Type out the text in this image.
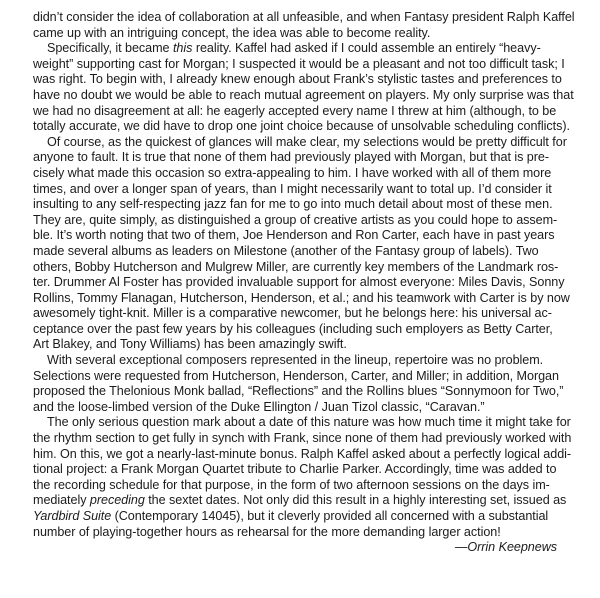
didn’t consider the idea of collaboration at all unfeasible, and when Fantasy president Ralph Kaffel
came up with an intriguing concept, the idea was able to become reality.

Specifically, it became this reality. Kaffel had asked if I could assemble an entirely “heavy-
weight” supporting cast for Morgan; I suspected it would be a pleasant and not too difficult task; I
was right. To begin with, I already knew enough about Frank’s stylistic tastes and preferences to
have no doubt we would be able to reach mutual agreement on players. My only surprise was that
we had no disagreement at all: he eagerly accepted every name I threw at him (although, to be
totally accurate, we did have to drop one joint choice because of unsolvable scheduling conflicts).

Of course, as the quickest of glances will make clear, my selections would be pretty difficult for
anyone to fault. It is true that none of them had previously played with Morgan, but that is pre-
cisely what made this occasion so extra-appealing to him. I have worked with all of them more
times, and over a longer span of years, than I might necessarily want to total up. I’d consider it
insulting to any self-respecting jazz fan for me to go into much detail about most of these men.
They are, quite simply, as distinguished a group of creative artists as you could hope to assem-
ble. It’s worth noting that two of them, Joe Henderson and Ron Carter, each have in past years
made several albums as leaders on Milestone (another of the Fantasy group of labels). Two
others, Bobby Hutcherson and Mulgrew Miller, are currently key members of the Landmark ros-
ter. Drummer Al Foster has provided invaluable support for almost everyone: Miles Davis, Sonny
Rollins, Tommy Flanagan, Hutcherson, Henderson, et al.; and his teamwork with Carter is by now
awesomely tight-knit. Miller is a comparative newcomer, but he belongs here: his universal ac-
ceptance over the past few years by his colleagues (including such employers as Betty Carter,
Art Blakey, and Tony Williams) has been amazingly swift.

With several exceptional composers represented in the lineup, repertoire was no problem.
Selections were requested from Hutcherson, Henderson, Carter, and Miller; in addition, Morgan
proposed the Thelonious Monk ballad, “Reflections” and the Rollins blues “Sonnymoon for Two,”
and the loose-limbed version of the Duke Ellington / Juan Tizol classic, “Caravan.”

The only serious question mark about a date of this nature was how much time it might take for
the rhythm section to get fully in synch with Frank, since none of them had previously worked with
him. On this, we got a nearly-last-minute bonus. Ralph Kaffel asked about a perfectly logical addi-
tional project: a Frank Morgan Quartet tribute to Charlie Parker. Accordingly, time was added to
the recording schedule for that purpose, in the form of two afternoon sessions on the days im-
mediately preceding the sextet dates. Not only did this result in a highly interesting set, issued as
Yardbird Suite (Contemporary 14045), but it cleverly provided all concerned with a substantial
number of playing-together hours as rehearsal for the more demanding larger action!

—Orrin Keepnews
